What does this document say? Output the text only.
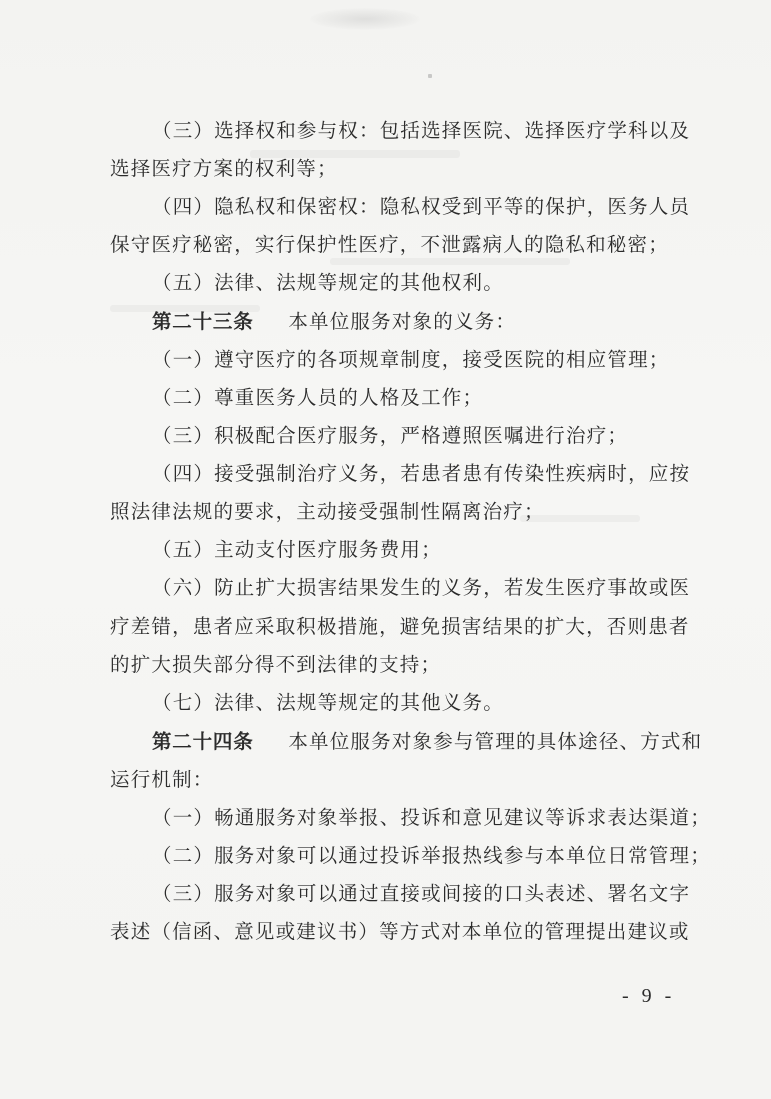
（三）选择权和参与权：包括选择医院、选择医疗学科以及
选择医疗方案的权利等；
（四）隐私权和保密权：隐私权受到平等的保护，医务人员
保守医疗秘密，实行保护性医疗，不泄露病人的隐私和秘密；
（五）法律、法规等规定的其他权利。
第二十三条 本单位服务对象的义务：
（一）遵守医疗的各项规章制度，接受医院的相应管理；
（二）尊重医务人员的人格及工作；
（三）积极配合医疗服务，严格遵照医嘱进行治疗；
（四）接受强制治疗义务，若患者患有传染性疾病时，应按
照法律法规的要求，主动接受强制性隔离治疗；
（五）主动支付医疗服务费用；
（六）防止扩大损害结果发生的义务，若发生医疗事故或医
疗差错，患者应采取积极措施，避免损害结果的扩大，否则患者
的扩大损失部分得不到法律的支持；
（七）法律、法规等规定的其他义务。
第二十四条 本单位服务对象参与管理的具体途径、方式和
运行机制：
（一）畅通服务对象举报、投诉和意见建议等诉求表达渠道；
（二）服务对象可以通过投诉举报热线参与本单位日常管理；
（三）服务对象可以通过直接或间接的口头表述、署名文字
表述（信函、意见或建议书）等方式对本单位的管理提出建议或
- 9 -
